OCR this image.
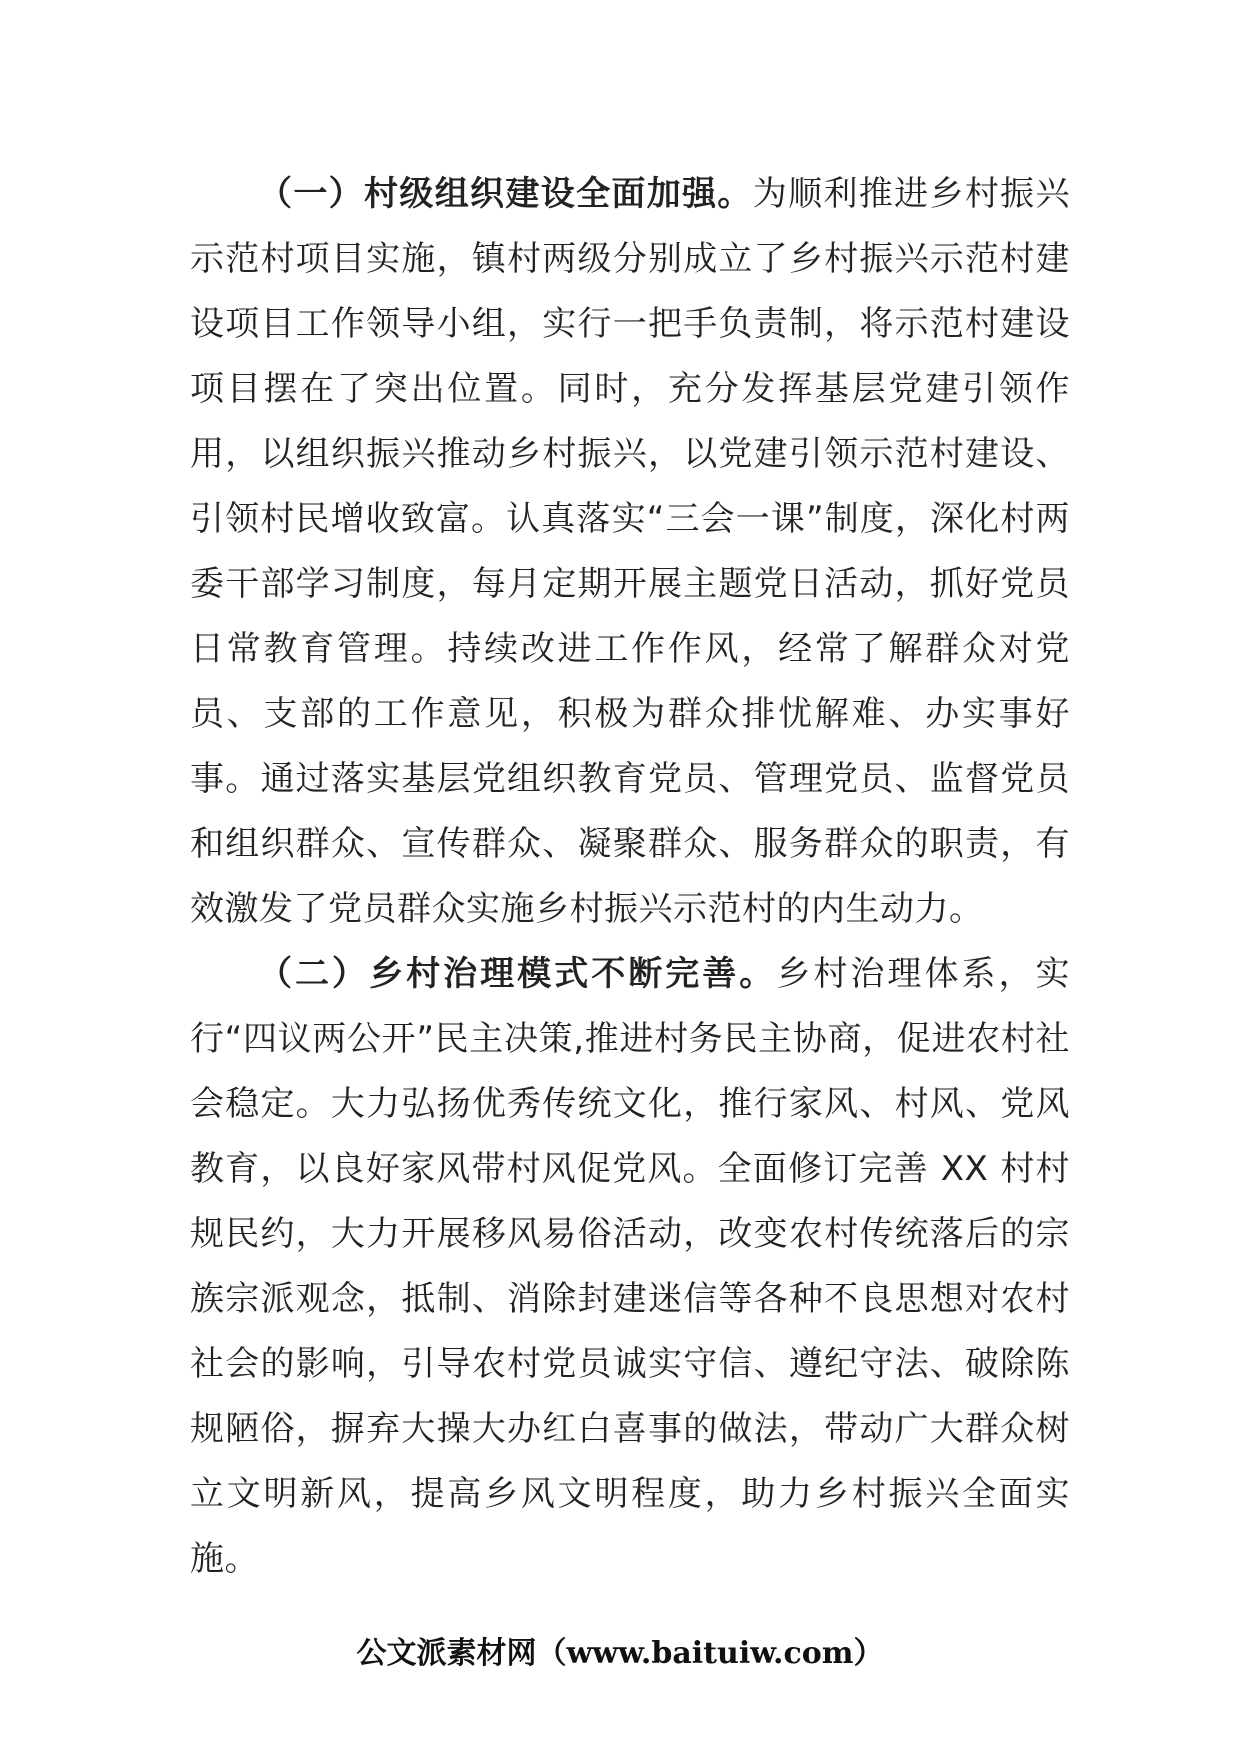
（一）村级组织建设全面加强。为顺利推进乡村振兴示范村项目实施，镇村两级分别成立了乡村振兴示范村建设项目工作领导小组，实行一把手负责制，将示范村建设项目摆在了突出位置。同时，充分发挥基层党建引领作用，以组织振兴推动乡村振兴，以党建引领示范村建设、引领村民增收致富。认真落实“三会一课”制度，深化村两委干部学习制度，每月定期开展主题党日活动，抓好党员日常教育管理。持续改进工作作风，经常了解群众对党员、支部的工作意见，积极为群众排忧解难、办实事好事。通过落实基层党组织教育党员、管理党员、监督党员和组织群众、宣传群众、凝聚群众、服务群众的职责，有效激发了党员群众实施乡村振兴示范村的内生动力。

（二）乡村治理模式不断完善。乡村治理体系，实行“四议两公开”民主决策,推进村务民主协商，促进农村社会稳定。大力弘扬优秀传统文化，推行家风、村风、党风教育，以良好家风带村风促党风。全面修订完善 XX 村村规民约，大力开展移风易俗活动，改变农村传统落后的宗族宗派观念，抵制、消除封建迷信等各种不良思想对农村社会的影响，引导农村党员诚实守信、遵纪守法、破除陈规陋俗，摒弃大操大办红白喜事的做法，带动广大群众树立文明新风，提高乡风文明程度，助力乡村振兴全面实施。

公文派素材网（www.baituiw.com）
